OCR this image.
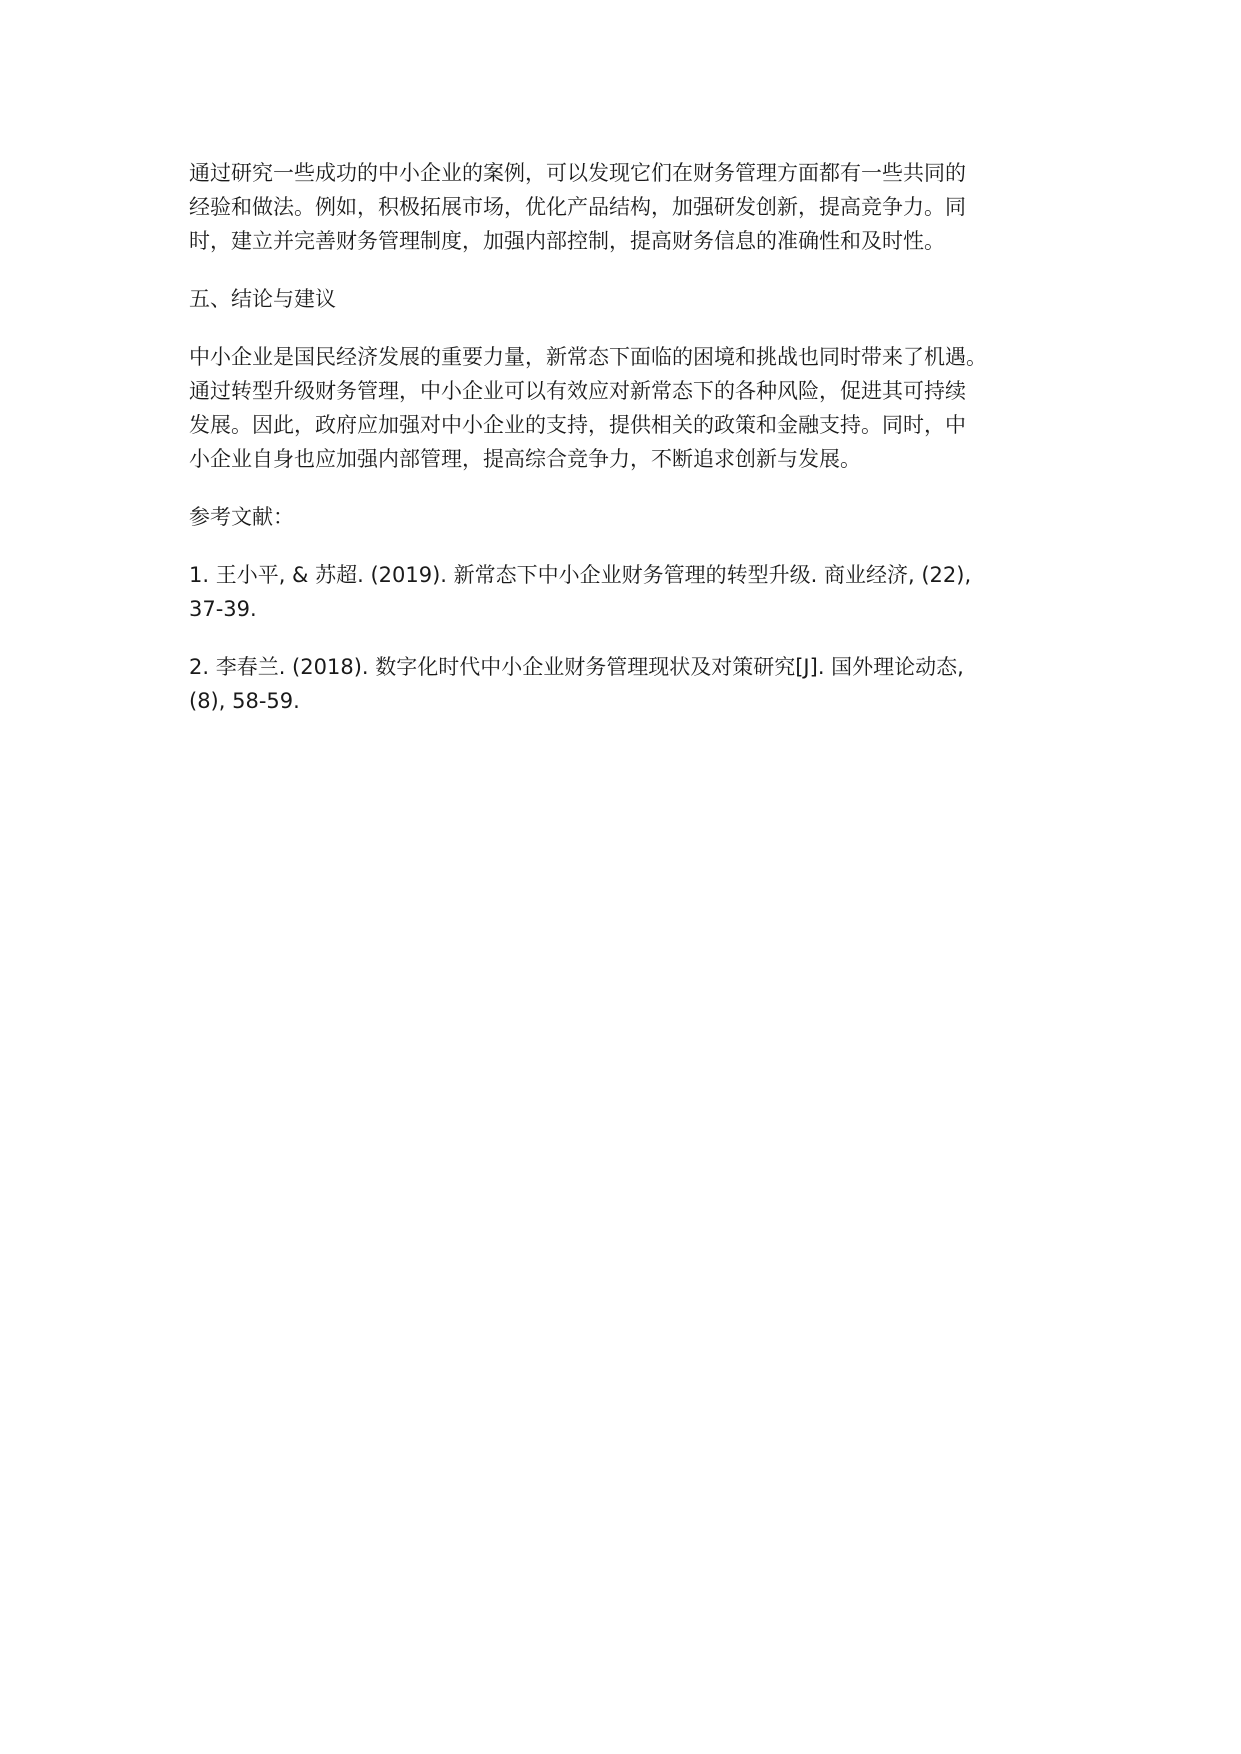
通过研究一些成功的中小企业的案例，可以发现它们在财务管理方面都有一些共同的
经验和做法。例如，积极拓展市场，优化产品结构，加强研发创新，提高竞争力。同
时，建立并完善财务管理制度，加强内部控制，提高财务信息的准确性和及时性。

五、结论与建议

中小企业是国民经济发展的重要力量，新常态下面临的困境和挑战也同时带来了机遇。
通过转型升级财务管理，中小企业可以有效应对新常态下的各种风险，促进其可持续
发展。因此，政府应加强对中小企业的支持，提供相关的政策和金融支持。同时，中
小企业自身也应加强内部管理，提高综合竞争力，不断追求创新与发展。

参考文献：

1. 王小平, & 苏超. (2019). 新常态下中小企业财务管理的转型升级. 商业经济, (22),
37-39.

2. 李春兰. (2018). 数字化时代中小企业财务管理现状及对策研究[J]. 国外理论动态,
(8), 58-59.
